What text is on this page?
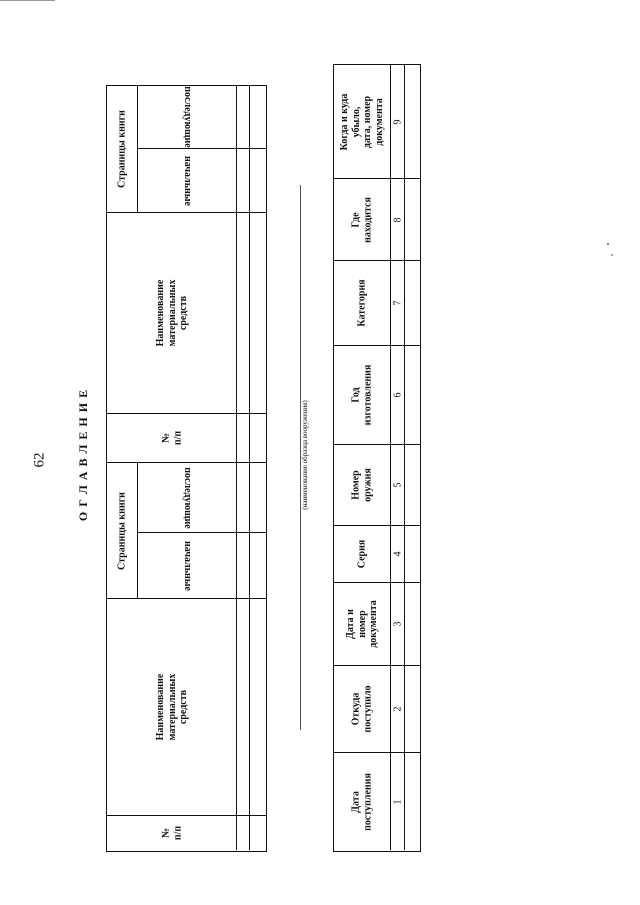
62 О Г Л А В Л Е Н И Е
Страницы книги	последующие
начальные
Наименование
материальных
средств
№
п/п
Страницы книги	последующие
начальные
Наименование
материальных
средств
№
п/п
(наименование образца вооружения)
Дата
поступления 1
Откуда
поступило 2
Дата и
номер
документа 3
Серия 4
Номер
оружия 5
Год
изготовления 6
Категория 7
Где
находится 8
Когда и куда
убыло,
дата, номер
документа 9
